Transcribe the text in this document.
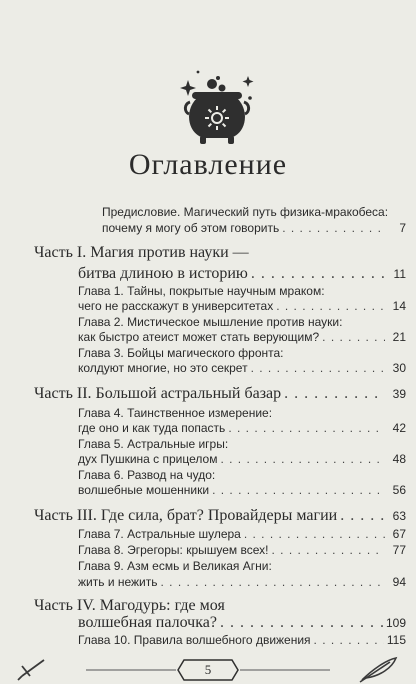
Оглавление
Предисловие. Магический путь физика-мракобеса:
почему я могу об этом говорить . . .	7
Часть I. Магия против науки —
битва длиною в историю . . .	11
Глава 1. Тайны, покрытые научным мраком:
чего не расскажут в университетах . . .	14
Глава 2. Мистическое мышление против науки:
как быстро атеист может стать верующим? . . .	21
Глава 3. Бойцы магического фронта:
колдуют многие, но это секрет . . .	30
Часть II. Большой астральный базар . . .	39
Глава 4. Таинственное измерение:
где оно и как туда попасть . . .	42
Глава 5. Астральные игры:
дух Пушкина с прицелом . . .	48
Глава 6. Развод на чудо:
волшебные мошенники . . .	56
Часть III. Где сила, брат? Провайдеры магии . . .	63
Глава 7. Астральные шулера . . .	67
Глава 8. Эгрегоры: крышуем всех! . . .	77
Глава 9. Азм есмь и Великая Агни:
жить и нежить . . .	94
Часть IV. Магодурь: где моя
волшебная палочка? . . .	109
Глава 10. Правила волшебного движения . . .	115
5
